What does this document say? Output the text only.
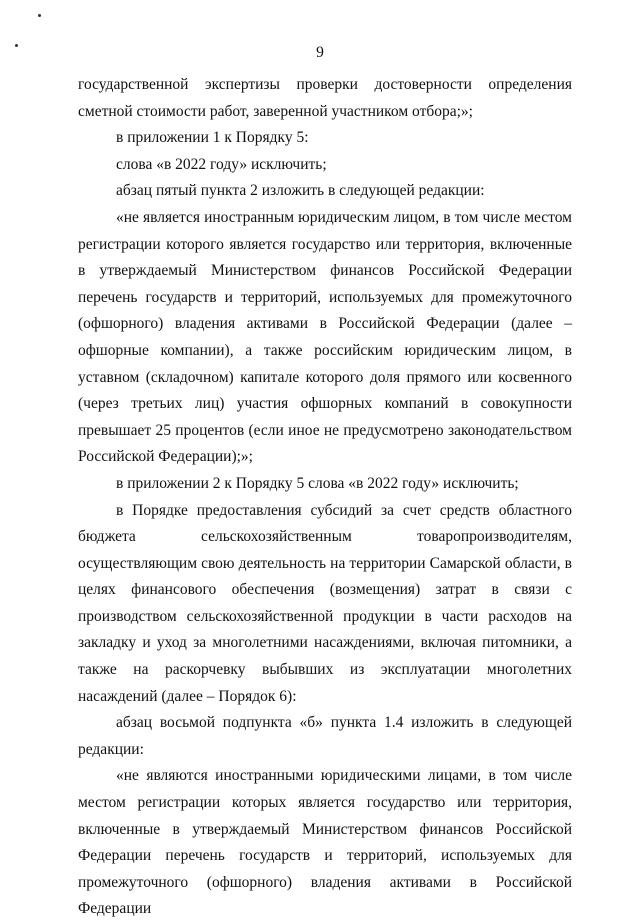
9

государственной экспертизы проверки достоверности определения сметной стоимости работ, заверенной участником отбора;»;

в приложении 1 к Порядку 5:

слова «в 2022 году» исключить;

абзац пятый пункта 2 изложить в следующей редакции:

«не является иностранным юридическим лицом, в том числе местом регистрации которого является государство или территория, включенные в утверждаемый Министерством финансов Российской Федерации перечень государств и территорий, используемых для промежуточного (офшорного) владения активами в Российской Федерации (далее – офшорные компании), а также российским юридическим лицом, в уставном (складочном) капитале которого доля прямого или косвенного (через третьих лиц) участия офшорных компаний в совокупности превышает 25 процентов (если иное не предусмотрено законодательством Российской Федерации);»;

в приложении 2 к Порядку 5 слова «в 2022 году» исключить;

в Порядке предоставления субсидий за счет средств областного бюджета сельскохозяйственным товаропроизводителям, осуществляющим свою деятельность на территории Самарской области, в целях финансового обеспечения (возмещения) затрат в связи с производством сельскохозяйственной продукции в части расходов на закладку и уход за многолетними насаждениями, включая питомники, а также на раскорчевку выбывших из эксплуатации многолетних насаждений (далее – Порядок 6):

абзац восьмой подпункта «б» пункта 1.4 изложить в следующей редакции:

«не являются иностранными юридическими лицами, в том числе местом регистрации которых является государство или территория, включенные в утверждаемый Министерством финансов Российской Федерации перечень государств и территорий, используемых для промежуточного (офшорного) владения активами в Российской Федерации
